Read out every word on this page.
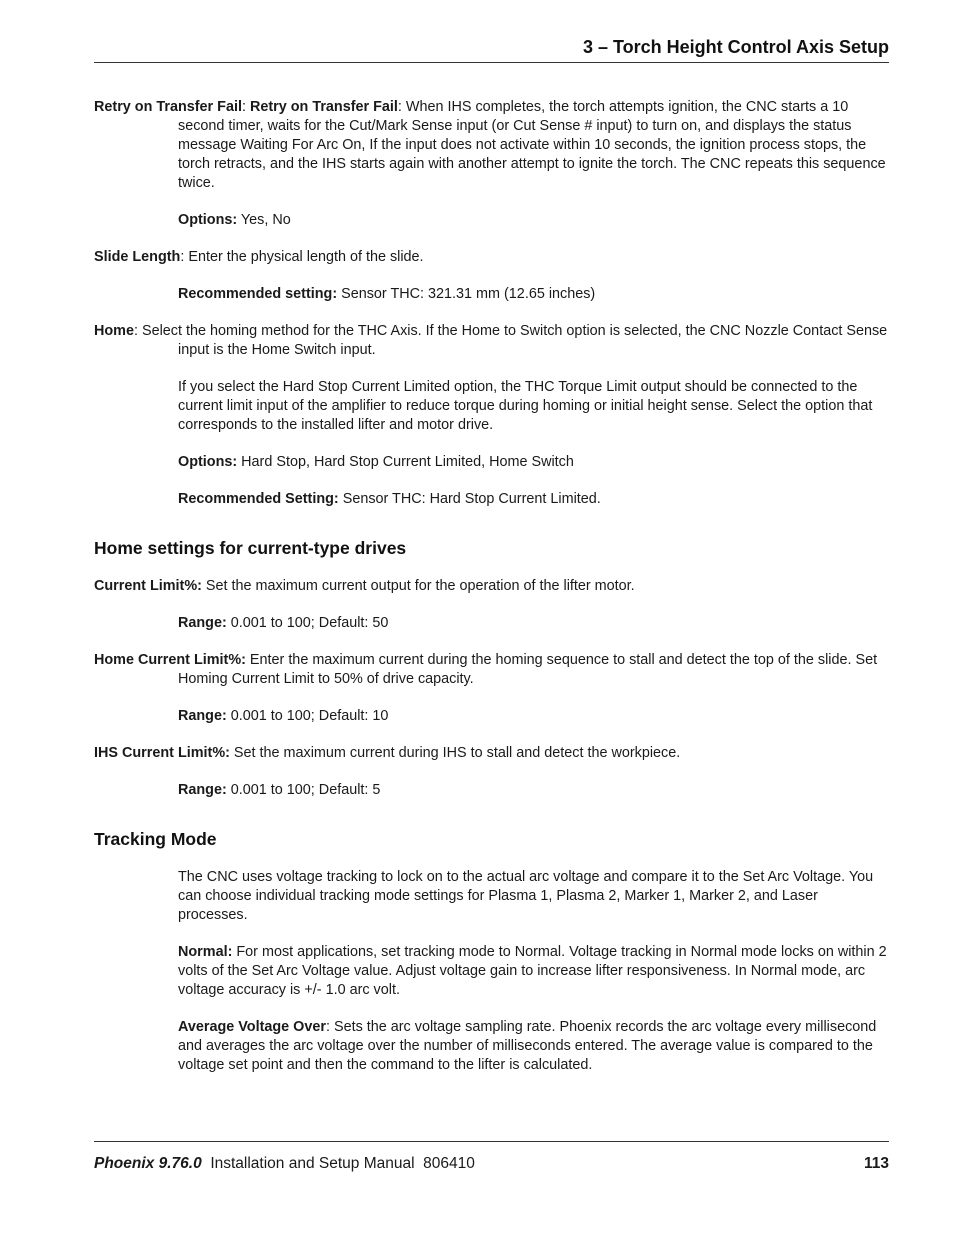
3 – Torch Height Control Axis Setup

Retry on Transfer Fail: Retry on Transfer Fail: When IHS completes, the torch attempts ignition, the CNC starts a 10 second timer, waits for the Cut/Mark Sense input (or Cut Sense # input) to turn on, and displays the status message Waiting For Arc On, If the input does not activate within 10 seconds, the ignition process stops, the torch retracts, and the IHS starts again with another attempt to ignite the torch. The CNC repeats this sequence twice.

Options: Yes, No

Slide Length: Enter the physical length of the slide.

Recommended setting: Sensor THC: 321.31 mm (12.65 inches)

Home: Select the homing method for the THC Axis. If the Home to Switch option is selected, the CNC Nozzle Contact Sense input is the Home Switch input.

If you select the Hard Stop Current Limited option, the THC Torque Limit output should be connected to the current limit input of the amplifier to reduce torque during homing or initial height sense. Select the option that corresponds to the installed lifter and motor drive.

Options: Hard Stop, Hard Stop Current Limited, Home Switch

Recommended Setting: Sensor THC: Hard Stop Current Limited.

Home settings for current-type drives

Current Limit%: Set the maximum current output for the operation of the lifter motor.

Range: 0.001 to 100; Default: 50

Home Current Limit%: Enter the maximum current during the homing sequence to stall and detect the top of the slide. Set Homing Current Limit to 50% of drive capacity.

Range: 0.001 to 100; Default: 10

IHS Current Limit%: Set the maximum current during IHS to stall and detect the workpiece.

Range: 0.001 to 100; Default: 5

Tracking Mode

The CNC uses voltage tracking to lock on to the actual arc voltage and compare it to the Set Arc Voltage. You can choose individual tracking mode settings for Plasma 1, Plasma 2, Marker 1, Marker 2, and Laser processes.

Normal: For most applications, set tracking mode to Normal. Voltage tracking in Normal mode locks on within 2 volts of the Set Arc Voltage value. Adjust voltage gain to increase lifter responsiveness. In Normal mode, arc voltage accuracy is +/- 1.0 arc volt.

Average Voltage Over: Sets the arc voltage sampling rate. Phoenix records the arc voltage every millisecond and averages the arc voltage over the number of milliseconds entered. The average value is compared to the voltage set point and then the command to the lifter is calculated.

Phoenix 9.76.0  Installation and Setup Manual  806410	113
